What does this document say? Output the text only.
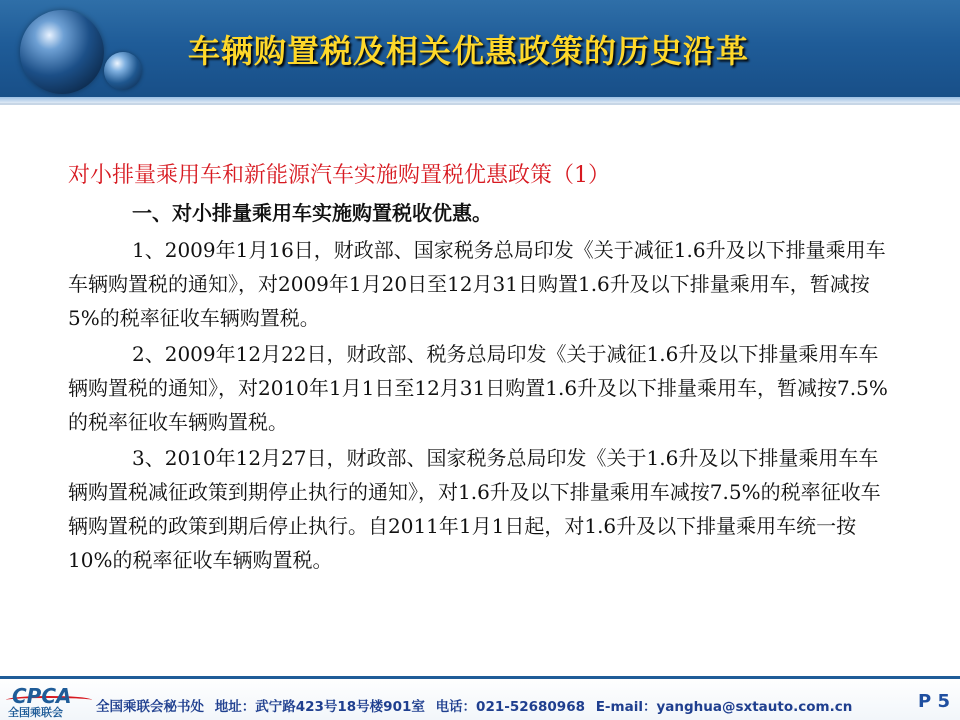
车辆购置税及相关优惠政策的历史沿革
对小排量乘用车和新能源汽车实施购置税优惠政策（1）
一、对小排量乘用车实施购置税收优惠。

1、2009年1月16日，财政部、国家税务总局印发《关于减征1.6升及以下排量乘用车车辆购置税的通知》，对2009年1月20日至12月31日购置1.6升及以下排量乘用车，暂减按5%的税率征收车辆购置税。

2、2009年12月22日，财政部、税务总局印发《关于减征1.6升及以下排量乘用车车辆购置税的通知》，对2010年1月1日至12月31日购置1.6升及以下排量乘用车，暂减按7.5%的税率征收车辆购置税。

3、2010年12月27日，财政部、国家税务总局印发《关于1.6升及以下排量乘用车车辆购置税减征政策到期停止执行的通知》，对1.6升及以下排量乘用车减按7.5%的税率征收车辆购置税的政策到期后停止执行。自2011年1月1日起，对1.6升及以下排量乘用车统一按10%的税率征收车辆购置税。

CPCA
全国乘联会 全国乘联会秘书处 地址：武宁路423号18号楼901室 电话：021-52680968 E-mail：yanghua@sxtauto.com.cn	P 5
